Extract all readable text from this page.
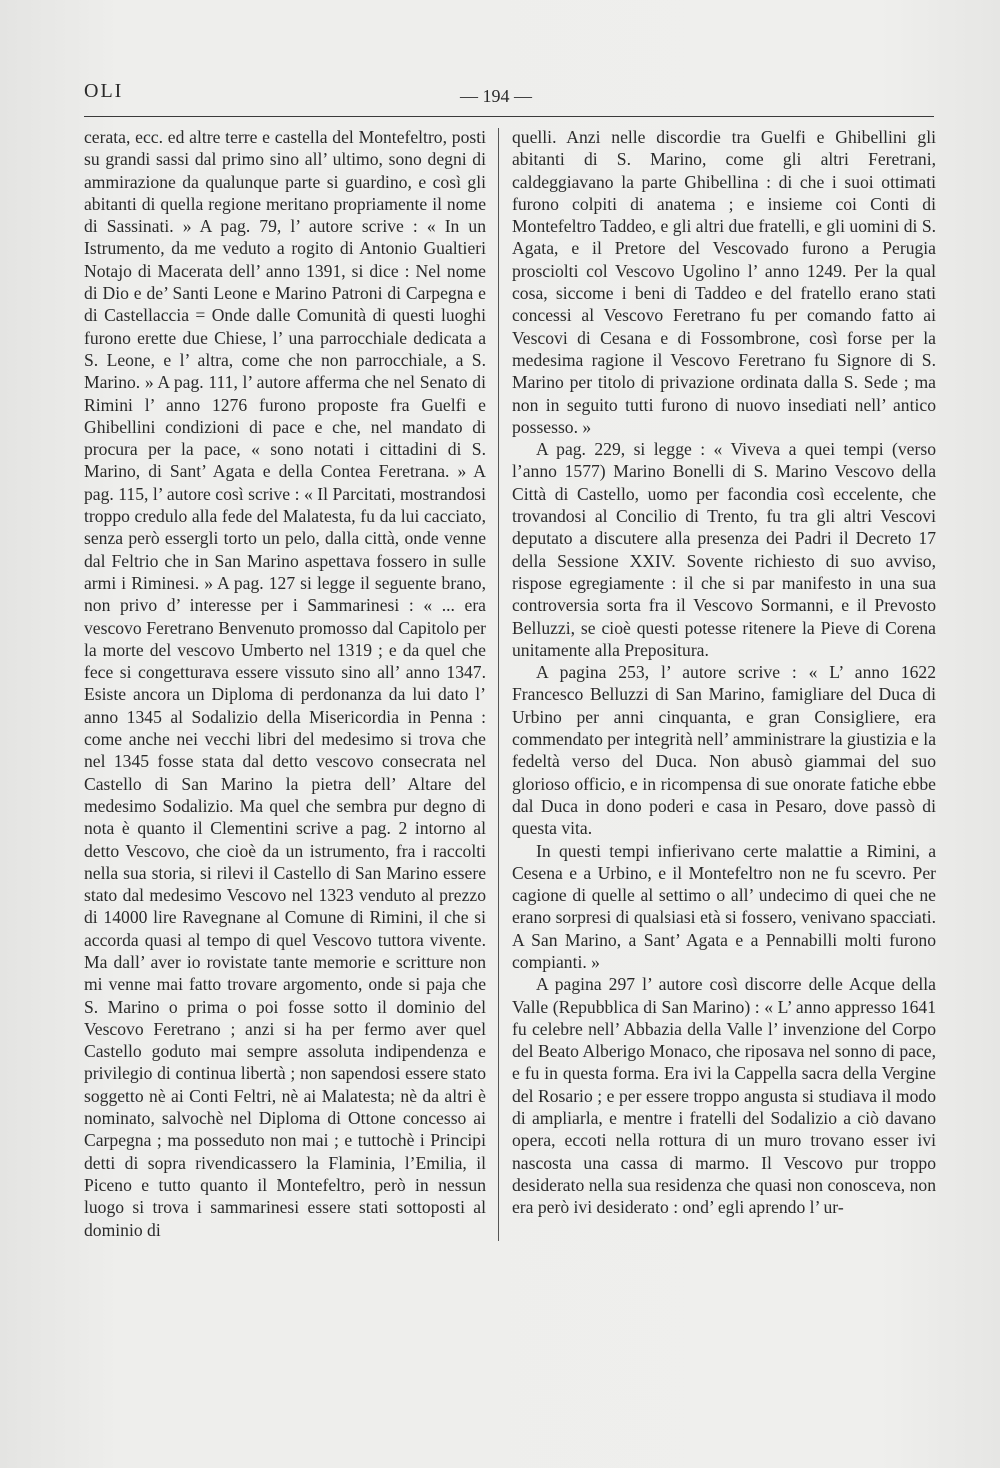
OLI	— 194 —

cerata, ecc. ed altre terre e castella del Montefeltro, posti su grandi sassi dal primo sino all’ ultimo, sono degni di ammirazione da qualunque parte si guardino, e così gli abitanti di quella regione meritano propriamente il nome di Sassinati. » A pag. 79, l’ autore scrive : « In un Istrumento, da me veduto a rogito di Antonio Gualtieri Notajo di Macerata dell’ anno 1391, si dice : Nel nome di Dio e de’ Santi Leone e Marino Patroni di Carpegna e di Castellaccia = Onde dalle Comunità di questi luoghi furono erette due Chiese, l’ una parrocchiale dedicata a S. Leone, e l’ altra, come che non parrocchiale, a S. Marino. » A pag. 111, l’ autore afferma che nel Senato di Rimini l’ anno 1276 furono proposte fra Guelfi e Ghibellini condizioni di pace e che, nel mandato di procura per la pace, « sono notati i cittadini di S. Marino, di Sant’ Agata e della Contea Feretrana. » A pag. 115, l’ autore così scrive : « Il Parcitati, mostrandosi troppo credulo alla fede del Malatesta, fu da lui cacciato, senza però essergli torto un pelo, dalla città, onde venne dal Feltrio che in San Marino aspettava fossero in sulle armi i Riminesi. » A pag. 127 si legge il seguente brano, non privo d’ interesse per i Sammarinesi : « ... era vescovo Feretrano Benvenuto promosso dal Capitolo per la morte del vescovo Umberto nel 1319 ; e da quel che fece si congetturava essere vissuto sino all’ anno 1347. Esiste ancora un Diploma di perdonanza da lui dato l’ anno 1345 al Sodalizio della Misericordia in Penna : come anche nei vecchi libri del medesimo si trova che nel 1345 fosse stata dal detto vescovo consecrata nel Castello di San Marino la pietra dell’ Altare del medesimo Sodalizio. Ma quel che sembra pur degno di nota è quanto il Clementini scrive a pag. 2 intorno al detto Vescovo, che cioè da un istrumento, fra i raccolti nella sua storia, si rilevi il Castello di San Marino essere stato dal medesimo Vescovo nel 1323 venduto al prezzo di 14000 lire Ravegnane al Comune di Rimini, il che si accorda quasi al tempo di quel Vescovo tuttora vivente. Ma dall’ aver io rovistate tante memorie e scritture non mi venne mai fatto trovare argomento, onde si paja che S. Marino o prima o poi fosse sotto il dominio del Vescovo Feretrano ; anzi si ha per fermo aver quel Castello goduto mai sempre assoluta indipendenza e privilegio di continua libertà ; non sapendosi essere stato soggetto nè ai Conti Feltri, nè ai Malatesta; nè da altri è nominato, salvochè nel Diploma di Ottone concesso ai Carpegna ; ma posseduto non mai ; e tuttochè i Principi detti di sopra rivendicassero la Flaminia, l’Emilia, il Piceno e tutto quanto il Montefeltro, però in nessun luogo si trova i sammarinesi essere stati sottoposti al dominio di

quelli. Anzi nelle discordie tra Guelfi e Ghibellini gli abitanti di S. Marino, come gli altri Feretrani, caldeggiavano la parte Ghibellina : di che i suoi ottimati furono colpiti di anatema ; e insieme coi Conti di Montefeltro Taddeo, e gli altri due fratelli, e gli uomini di S. Agata, e il Pretore del Vescovado furono a Perugia prosciolti col Vescovo Ugolino l’ anno 1249. Per la qual cosa, siccome i beni di Taddeo e del fratello erano stati concessi al Vescovo Feretrano fu per comando fatto ai Vescovi di Cesana e di Fossombrone, così forse per la medesima ragione il Vescovo Feretrano fu Signore di S. Marino per titolo di privazione ordinata dalla S. Sede ; ma non in seguito tutti furono di nuovo insediati nell’ antico possesso. »

A pag. 229, si legge : « Viveva a quei tempi (verso l’anno 1577) Marino Bonelli di S. Marino Vescovo della Città di Castello, uomo per facondia così eccelente, che trovandosi al Concilio di Trento, fu tra gli altri Vescovi deputato a discutere alla presenza dei Padri il Decreto 17 della Sessione XXIV. Sovente richiesto di suo avviso, rispose egregiamente : il che si par manifesto in una sua controversia sorta fra il Vescovo Sormanni, e il Prevosto Belluzzi, se cioè questi potesse ritenere la Pieve di Corena unitamente alla Prepositura.

A pagina 253, l’ autore scrive : « L’ anno 1622 Francesco Belluzzi di San Marino, famigliare del Duca di Urbino per anni cinquanta, e gran Consigliere, era commendato per integrità nell’ amministrare la giustizia e la fedeltà verso del Duca. Non abusò giammai del suo glorioso officio, e in ricompensa di sue onorate fatiche ebbe dal Duca in dono poderi e casa in Pesaro, dove passò di questa vita.

In questi tempi infierivano certe malattie a Rimini, a Cesena e a Urbino, e il Montefeltro non ne fu scevro. Per cagione di quelle al settimo o all’ undecimo di quei che ne erano sorpresi di qualsiasi età si fossero, venivano spacciati. A San Marino, a Sant’ Agata e a Pennabilli molti furono compianti. »

A pagina 297 l’ autore così discorre delle Acque della Valle (Repubblica di San Marino) : « L’ anno appresso 1641 fu celebre nell’ Abbazia della Valle l’ invenzione del Corpo del Beato Alberigo Monaco, che riposava nel sonno di pace, e fu in questa forma. Era ivi la Cappella sacra della Vergine del Rosario ; e per essere troppo angusta si studiava il modo di ampliarla, e mentre i fratelli del Sodalizio a ciò davano opera, eccoti nella rottura di un muro trovano esser ivi nascosta una cassa di marmo. Il Vescovo pur troppo desiderato nella sua residenza che quasi non conosceva, non era però ivi desiderato : ond’ egli aprendo l’ ur-
